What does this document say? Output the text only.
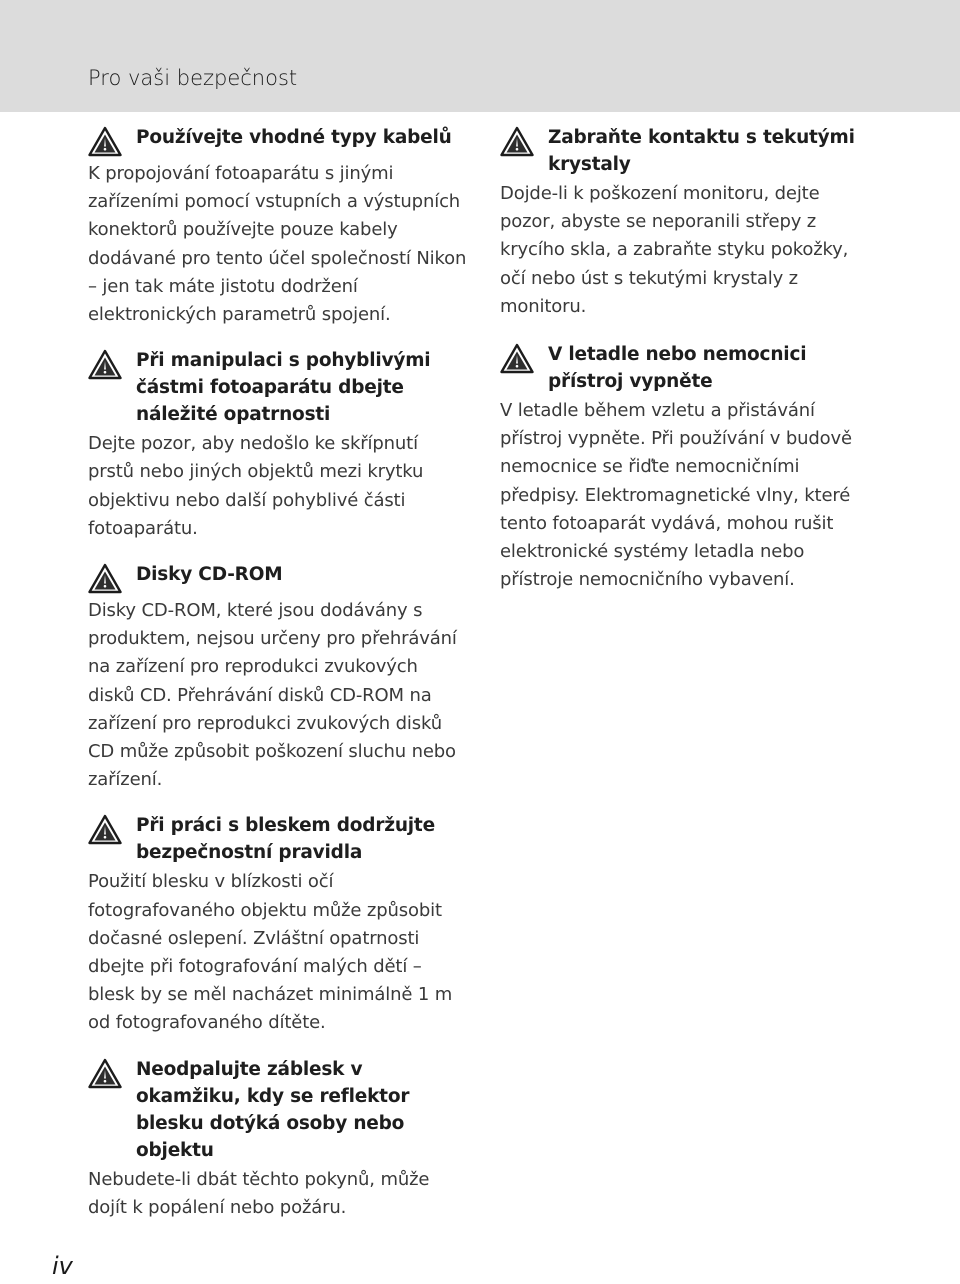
Pro vaši bezpečnost

Používejte vhodné typy kabelů

K propojování fotoaparátu s jinými zařízeními pomocí vstupních a výstupních konektorů používejte pouze kabely dodávané pro tento účel společností Nikon – jen tak máte jistotu dodržení elektronických parametrů spojení.

Při manipulaci s pohyblivými částmi fotoaparátu dbejte náležité opatrnosti

Dejte pozor, aby nedošlo ke skřípnutí prstů nebo jiných objektů mezi krytku objektivu nebo další pohyblivé části fotoaparátu.

Disky CD-ROM

Disky CD-ROM, které jsou dodávány s produktem, nejsou určeny pro přehrávání na zařízení pro reprodukci zvukových disků CD. Přehrávání disků CD-ROM na zařízení pro reprodukci zvukových disků CD může způsobit poškození sluchu nebo zařízení.

Při práci s bleskem dodržujte bezpečnostní pravidla

Použití blesku v blízkosti očí fotografovaného objektu může způsobit dočasné oslepení. Zvláštní opatrnosti dbejte při fotografování malých dětí – blesk by se měl nacházet minimálně 1 m od fotografovaného dítěte.

Neodpalujte záblesk v okamžiku, kdy se reflektor blesku dotýká osoby nebo objektu

Nebudete-li dbát těchto pokynů, může dojít k popálení nebo požáru.

Zabraňte kontaktu s tekutými krystaly

Dojde-li k poškození monitoru, dejte pozor, abyste se neporanili střepy z krycího skla, a zabraňte styku pokožky, očí nebo úst s tekutými krystaly z monitoru.

V letadle nebo nemocnici přístroj vypněte

V letadle během vzletu a přistávání přístroj vypněte. Při používání v budově nemocnice se řiďte nemocničními předpisy. Elektromagnetické vlny, které tento fotoaparát vydává, mohou rušit elektronické systémy letadla nebo přístroje nemocničního vybavení.

iv
